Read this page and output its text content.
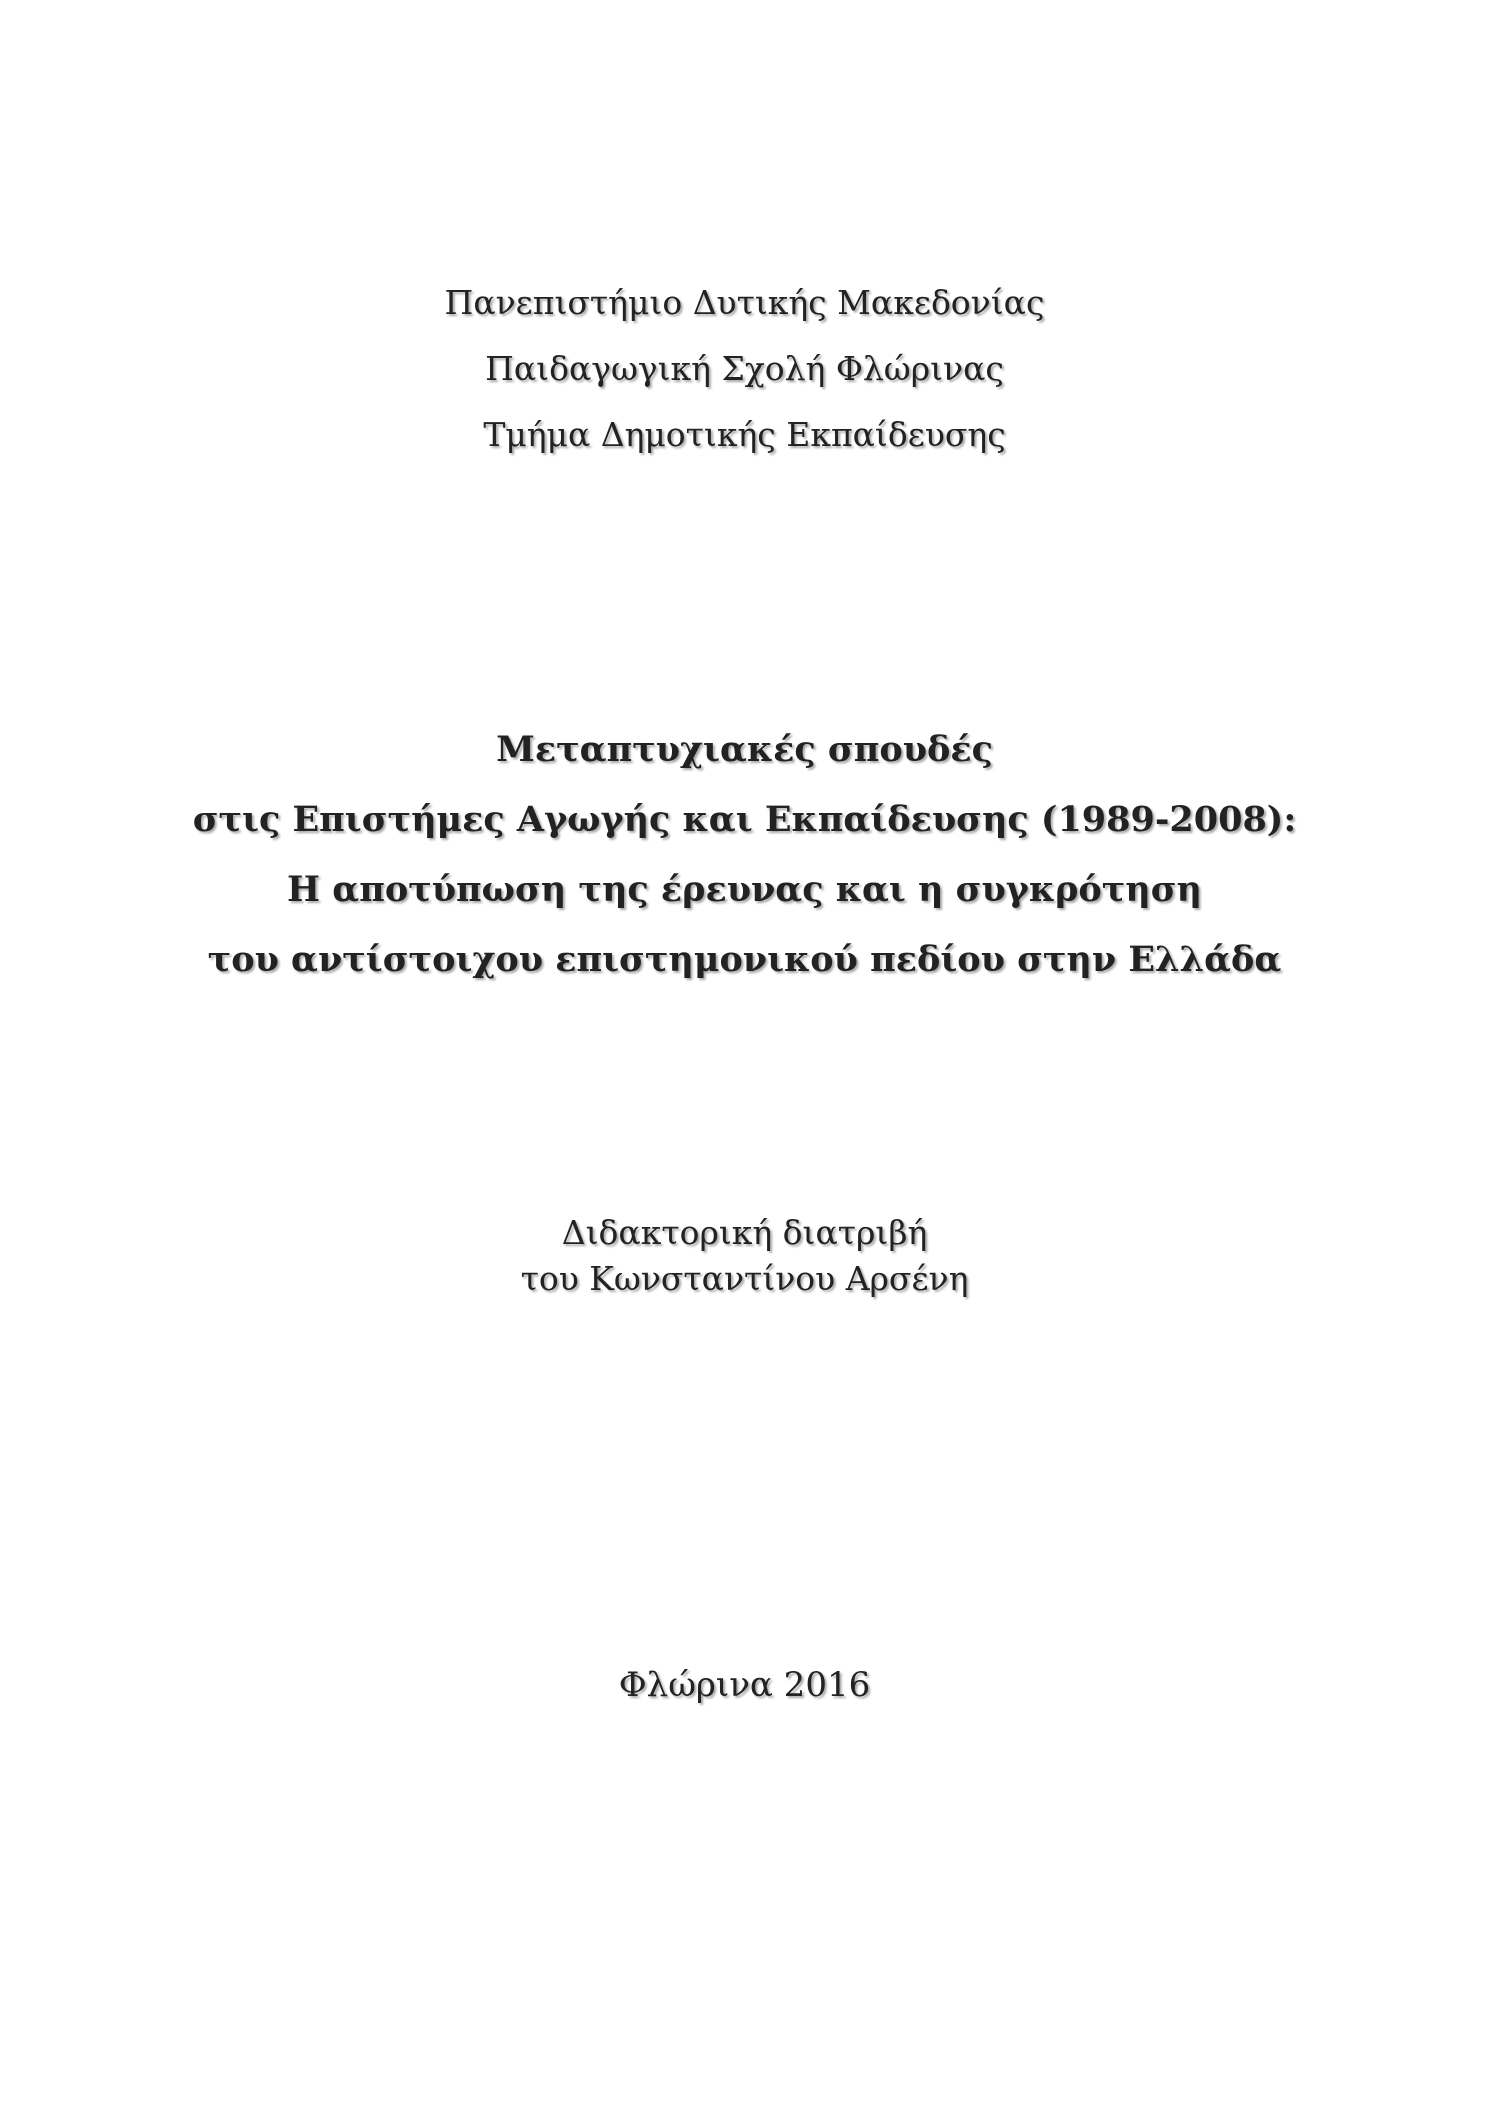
Πανεπιστήμιο Δυτικής Μακεδονίας
Παιδαγωγική Σχολή Φλώρινας
Τμήμα Δημοτικής Εκπαίδευσης
Μεταπτυχιακές σπουδές
στις Επιστήμες Αγωγής και Εκπαίδευσης (1989-2008):
Η αποτύπωση της έρευνας και η συγκρότηση
του αντίστοιχου επιστημονικού πεδίου στην Ελλάδα
Διδακτορική διατριβή
του Κωνσταντίνου Αρσένη
Φλώρινα 2016
